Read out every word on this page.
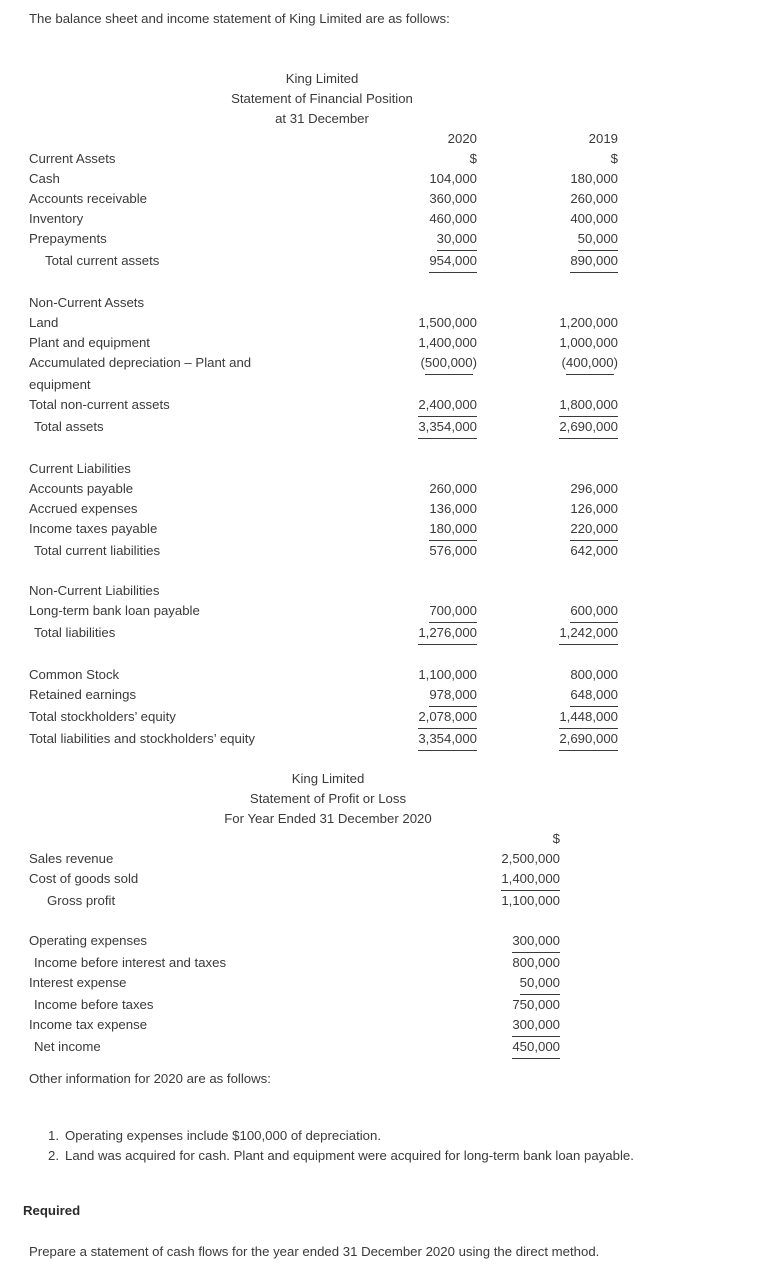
The balance sheet and income statement of King Limited are as follows:
King Limited
Statement of Financial Position
at 31 December
	2020	2019
Current Assets	$	$
Cash	104,000	180,000
Accounts receivable	360,000	260,000
Inventory	460,000	400,000
Prepayments	30,000	50,000
Total current assets	954,000	890,000

Non-Current Assets		
Land	1,500,000	1,200,000
Plant and equipment	1,400,000	1,000,000
Accumulated depreciation – Plant and	(500,000)	(400,000)
equipment		
Total non-current assets	2,400,000	1,800,000
Total assets	3,354,000	2,690,000

Current Liabilities		
Accounts payable	260,000	296,000
Accrued expenses	136,000	126,000
Income taxes payable	180,000	220,000
Total current liabilities	576,000	642,000

Non-Current Liabilities		
Long-term bank loan payable	700,000	600,000
Total liabilities	1,276,000	1,242,000

Common Stock	1,100,000	800,000
Retained earnings	978,000	648,000
Total stockholders’ equity	2,078,000	1,448,000
Total liabilities and stockholders’ equity	3,354,000	2,690,000
King Limited
Statement of Profit or Loss
For Year Ended 31 December 2020
	$
Sales revenue	2,500,000
Cost of goods sold	1,400,000
Gross profit	1,100,000

Operating expenses	300,000
Income before interest and taxes	800,000
Interest expense	50,000
Income before taxes	750,000
Income tax expense	300,000
Net income	450,000
Other information for 2020 are as follows:
1. Operating expenses include $100,000 of depreciation.
2. Land was acquired for cash. Plant and equipment were acquired for long-term bank loan payable.
Required
Prepare a statement of cash flows for the year ended 31 December 2020 using the direct method.
